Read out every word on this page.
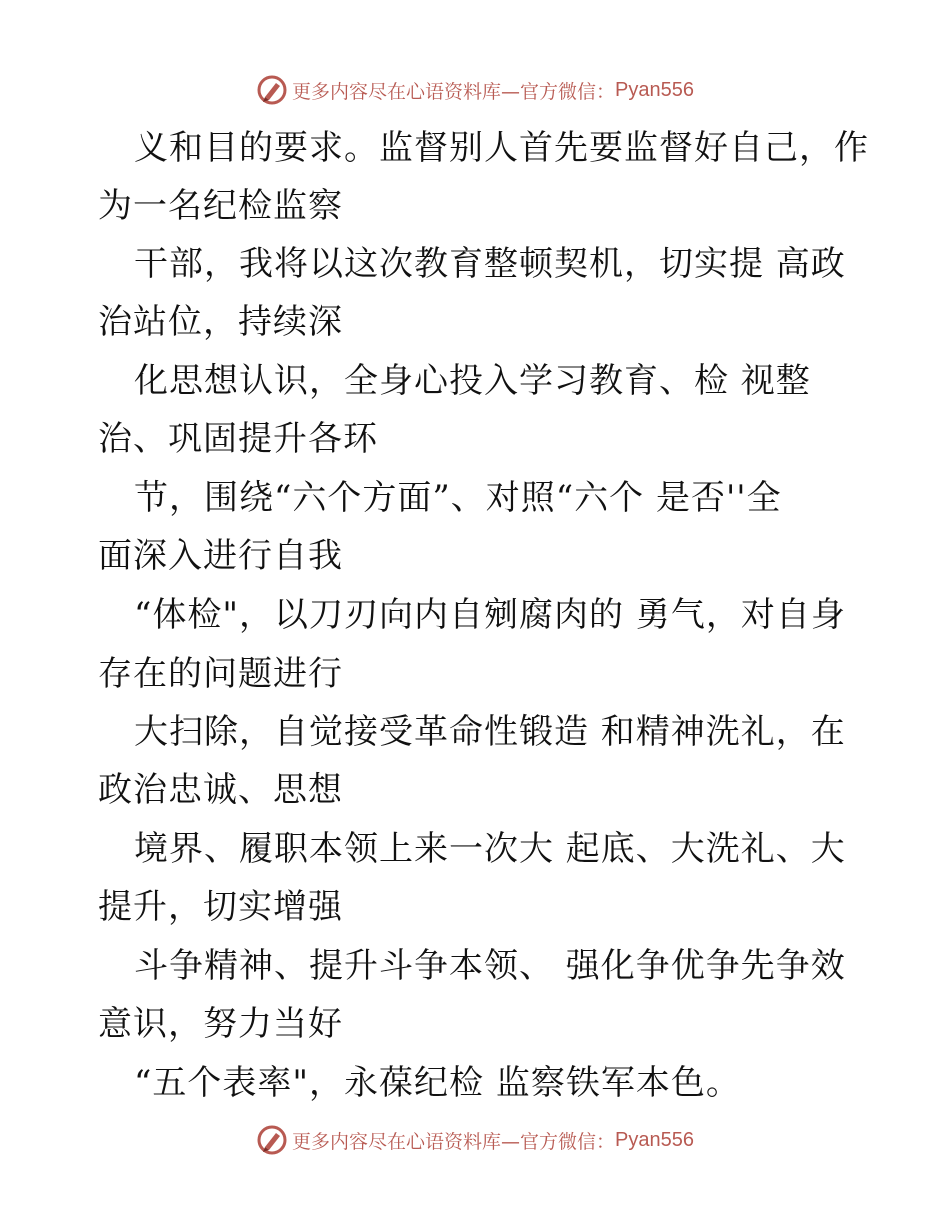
更多内容尽在心语资料库—官方微信： Pyan556
义和目的要求。监督别人首先要监督好自己，作
为一名纪检监察
干部，我将以这次教育整顿契机，切实提 高政
治站位，持续深
化思想认识，全身心投入学习教育、检 视整
治、巩固提升各环
节，围绕“六个方面”、对照“六个 是否''全
面深入进行自我
“体检"，以刀刃向内自剜腐肉的 勇气，对自身
存在的问题进行
大扫除，自觉接受革命性锻造 和精神洗礼，在
政治忠诚、思想
境界、履职本领上来一次大 起底、大洗礼、大
提升，切实增强
斗争精神、提升斗争本领、 强化争优争先争效
意识，努力当好
“五个表率"，永葆纪检 监察铁军本色。
更多内容尽在心语资料库—官方微信： Pyan556
